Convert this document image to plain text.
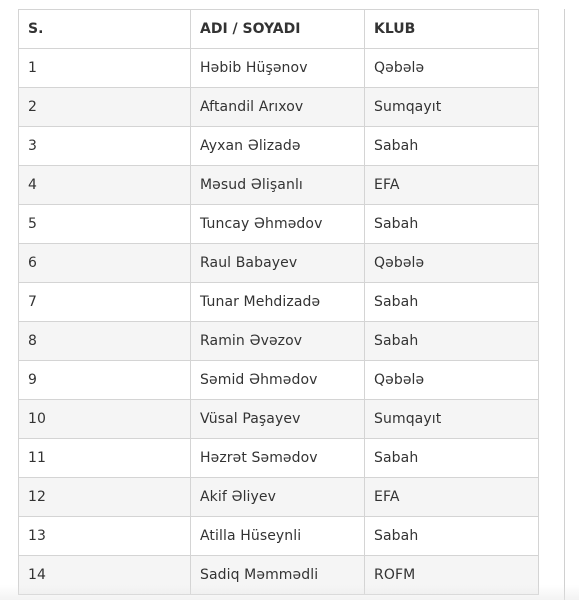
S.	ADI / SOYADI	KLUB
1	Həbib Hüşənov	Qəbələ
2	Aftandil Arıxov	Sumqayıt
3	Ayxan Əlizadə	Sabah
4	Məsud Əlişanlı	EFA
5	Tuncay Əhmədov	Sabah
6	Raul Babayev	Qəbələ
7	Tunar Mehdizadə	Sabah
8	Ramin Əvəzov	Sabah
9	Səmid Əhmədov	Qəbələ
10	Vüsal Paşayev	Sumqayıt
11	Həzrət Səmədov	Sabah
12	Akif Əliyev	EFA
13	Atilla Hüseynli	Sabah
14	Sadiq Məmmədli	ROFM
